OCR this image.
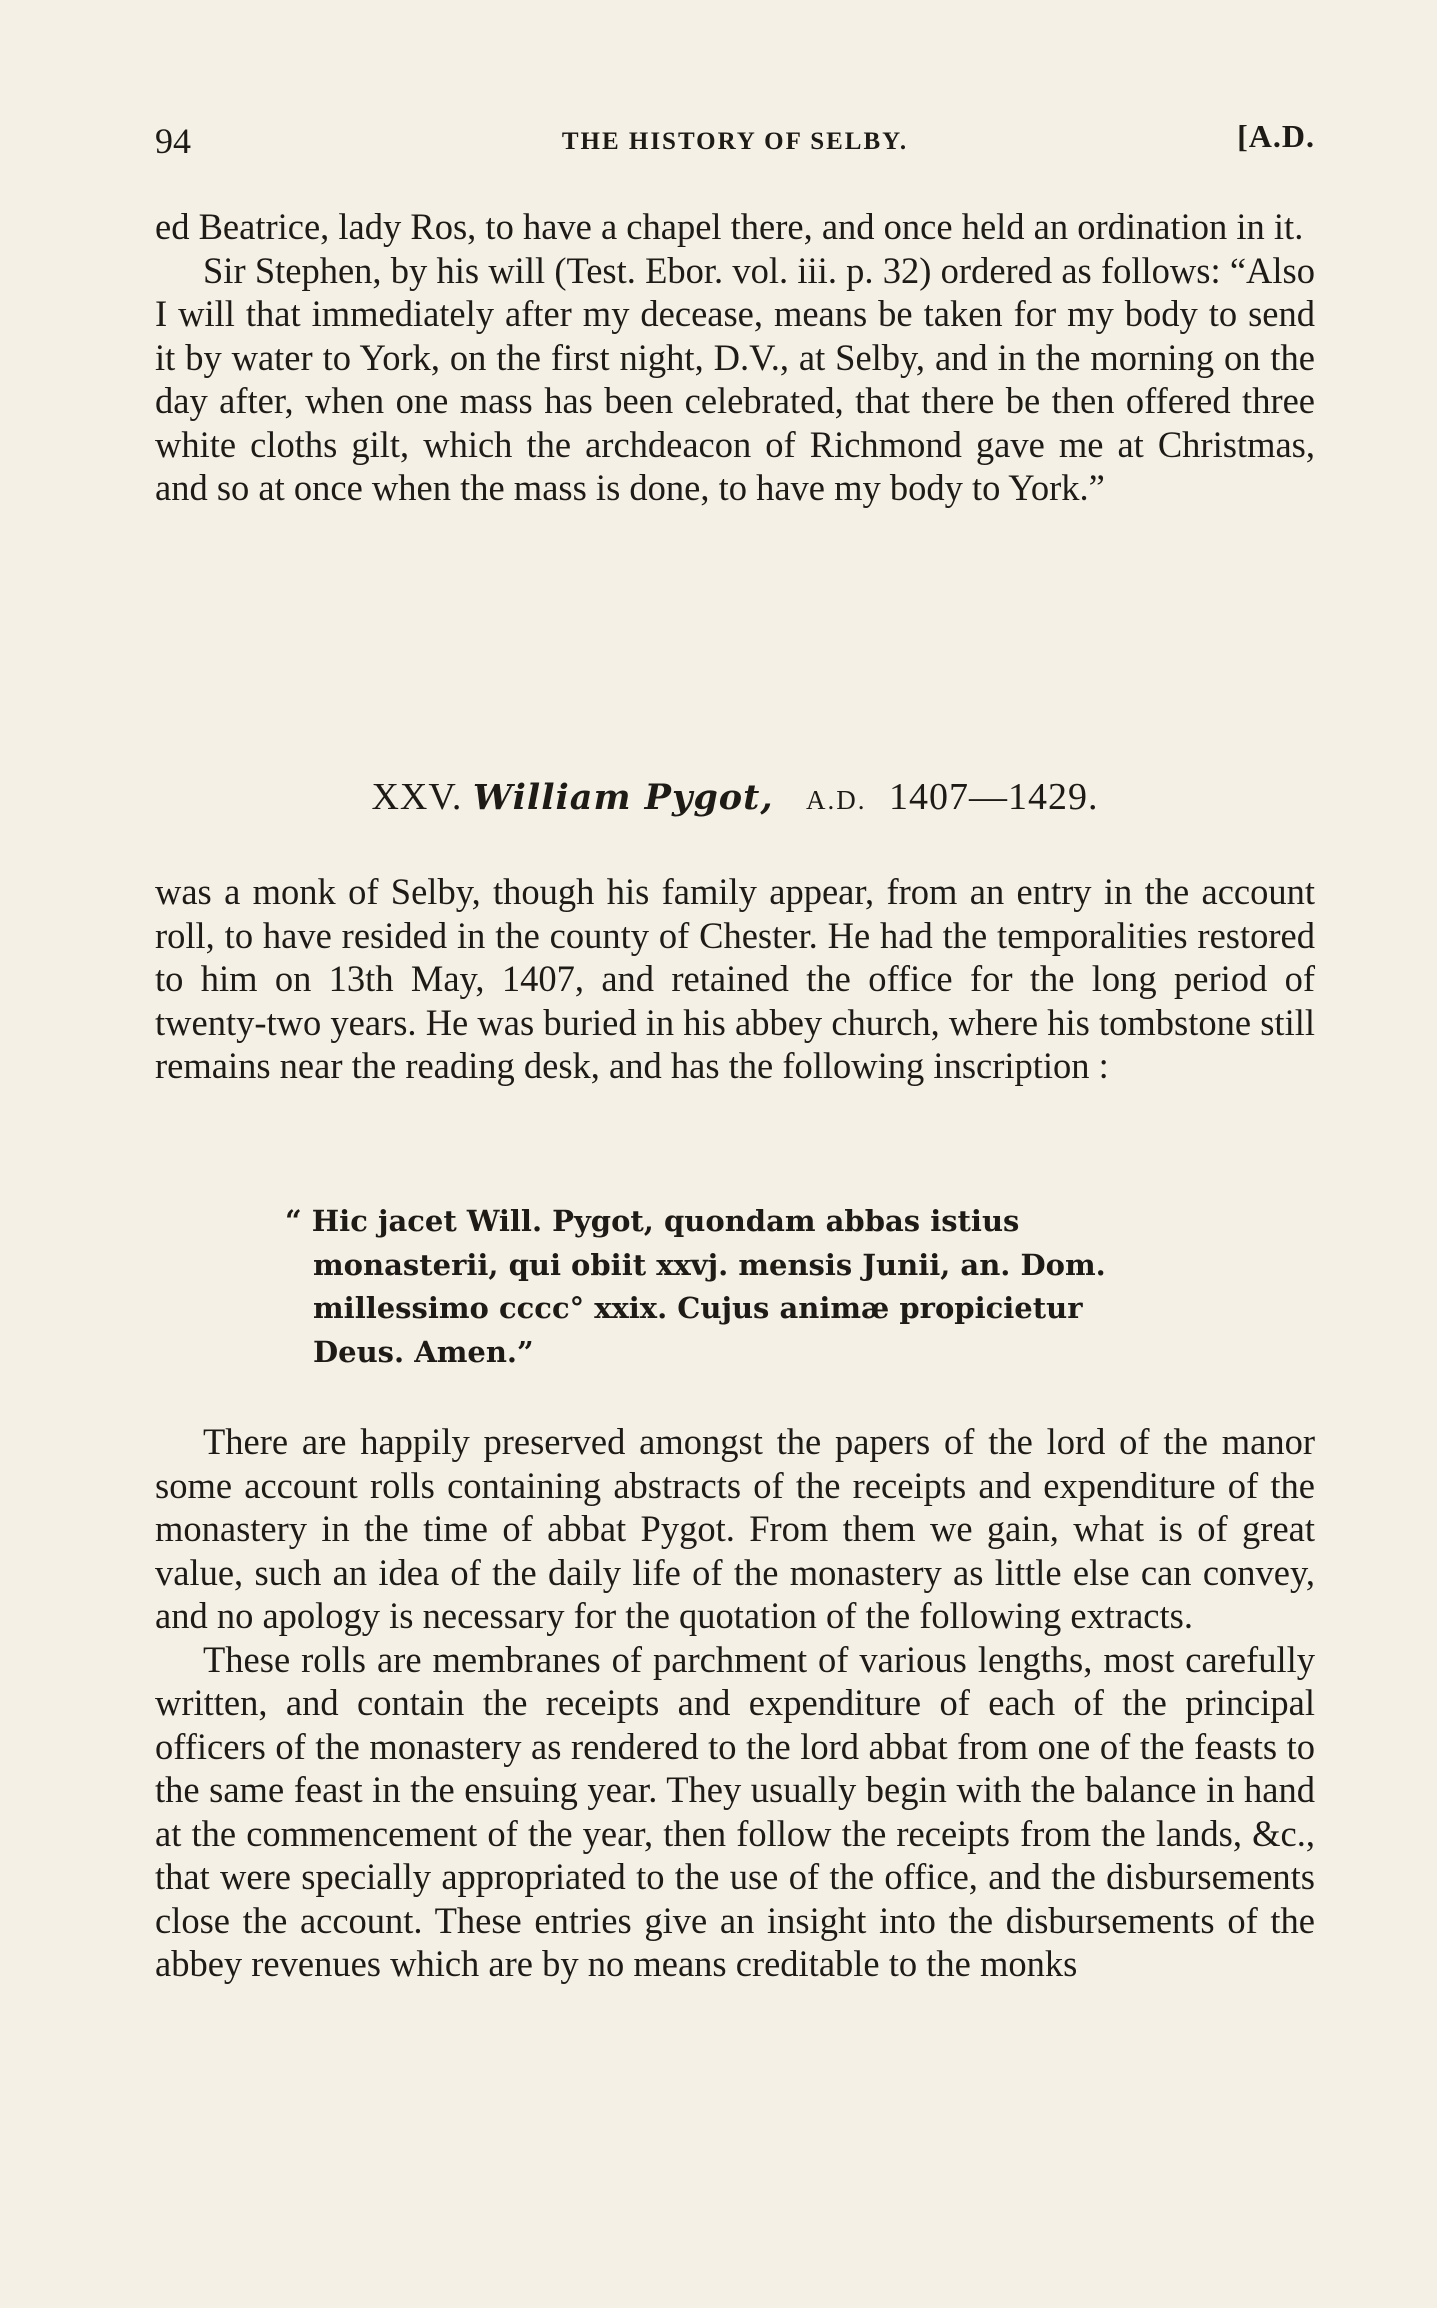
94	THE HISTORY OF SELBY.	[A.D.

ed Beatrice, lady Ros, to have a chapel there, and once held an ordination in it.

Sir Stephen, by his will (Test. Ebor. vol. iii. p. 32) ordered as follows: “Also I will that immediately after my decease, means be taken for my body to send it by water to York, on the first night, D.V., at Selby, and in the morning on the day after, when one mass has been celebrated, that there be then offered three white cloths gilt, which the archdeacon of Richmond gave me at Christmas, and so at once when the mass is done, to have my body to York.”

XXV. William Pygot, A.D. 1407—1429.

was a monk of Selby, though his family appear, from an entry in the account roll, to have resided in the county of Chester. He had the temporalities restored to him on 13th May, 1407, and retained the office for the long period of twenty-two years. He was buried in his abbey church, where his tombstone still remains near the reading desk, and has the following inscription :

“ Hic jacet Will. Pygot, quondam abbas istius
monasterii, qui obiit xxvj. mensis Junii, an. Dom.
millessimo cccc° xxix. Cujus animæ propicietur
Deus. Amen.”

There are happily preserved amongst the papers of the lord of the manor some account rolls containing abstracts of the receipts and expenditure of the monastery in the time of abbat Pygot. From them we gain, what is of great value, such an idea of the daily life of the monastery as little else can convey, and no apology is necessary for the quotation of the following extracts.

These rolls are membranes of parchment of various lengths, most carefully written, and contain the receipts and expenditure of each of the principal officers of the monastery as rendered to the lord abbat from one of the feasts to the same feast in the ensuing year. They usually begin with the balance in hand at the commencement of the year, then follow the receipts from the lands, &c., that were specially appropriated to the use of the office, and the disbursements close the account. These entries give an insight into the disbursements of the abbey revenues which are by no means creditable to the monks
